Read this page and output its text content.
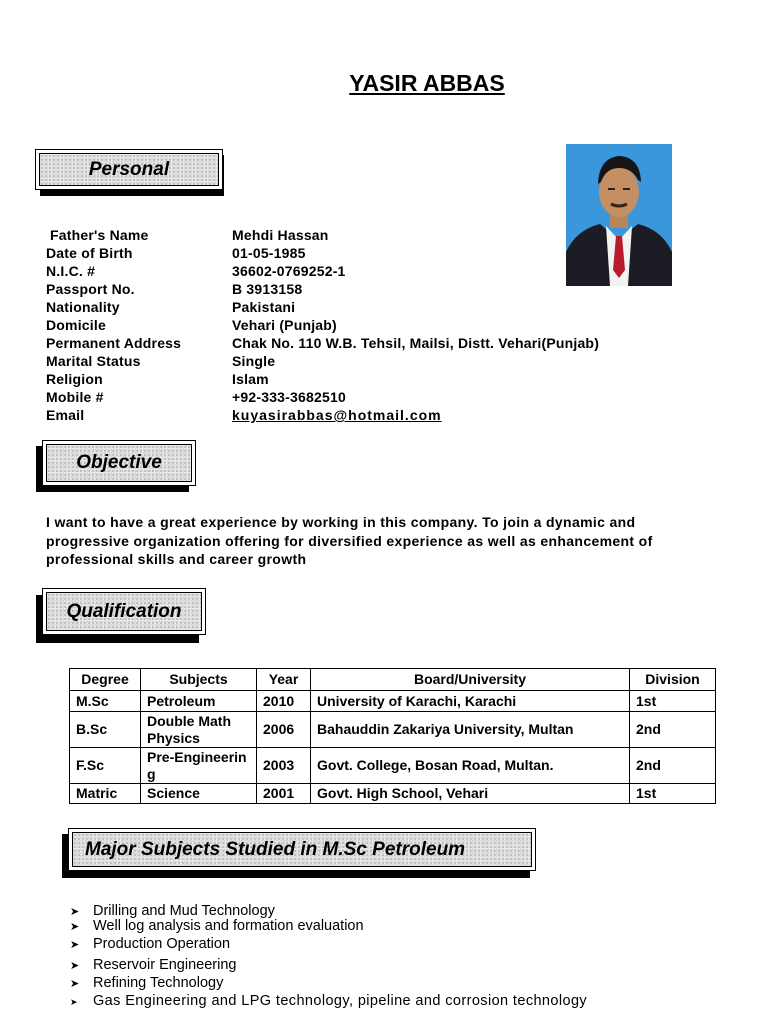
YASIR ABBAS
Personal
Father's Name	Mehdi Hassan
Date of Birth	01-05-1985
N.I.C. #	36602-0769252-1
Passport No.	B 3913158
Nationality	Pakistani
Domicile	Vehari (Punjab)
Permanent Address	Chak No. 110 W.B. Tehsil, Mailsi, Distt. Vehari(Punjab)
Marital Status	Single
Religion	Islam
Mobile #	+92-333-3682510
Email	kuyasirabbas@hotmail.com
Objective
I want to have a great experience by working in this company. To join a dynamic and progressive organization offering for diversified experience as well as enhancement of professional skills and career growth
Qualification
Degree	Subjects	Year	Board/University	Division
M.Sc	Petroleum	2010	University of Karachi, Karachi	1st
B.Sc	Double Math Physics	2006	Bahauddin Zakariya University, Multan	2nd
F.Sc	Pre-Engineering	2003	Govt. College, Bosan Road, Multan.	2nd
Matric	Science	2001	Govt. High School, Vehari	1st
Major Subjects Studied in M.Sc Petroleum
➤ Drilling and Mud Technology
➤ Well log analysis and formation evaluation
➤ Production Operation
➤ Reservoir Engineering
➤ Refining Technology
➤ Gas Engineering and LPG technology, pipeline and corrosion technology
